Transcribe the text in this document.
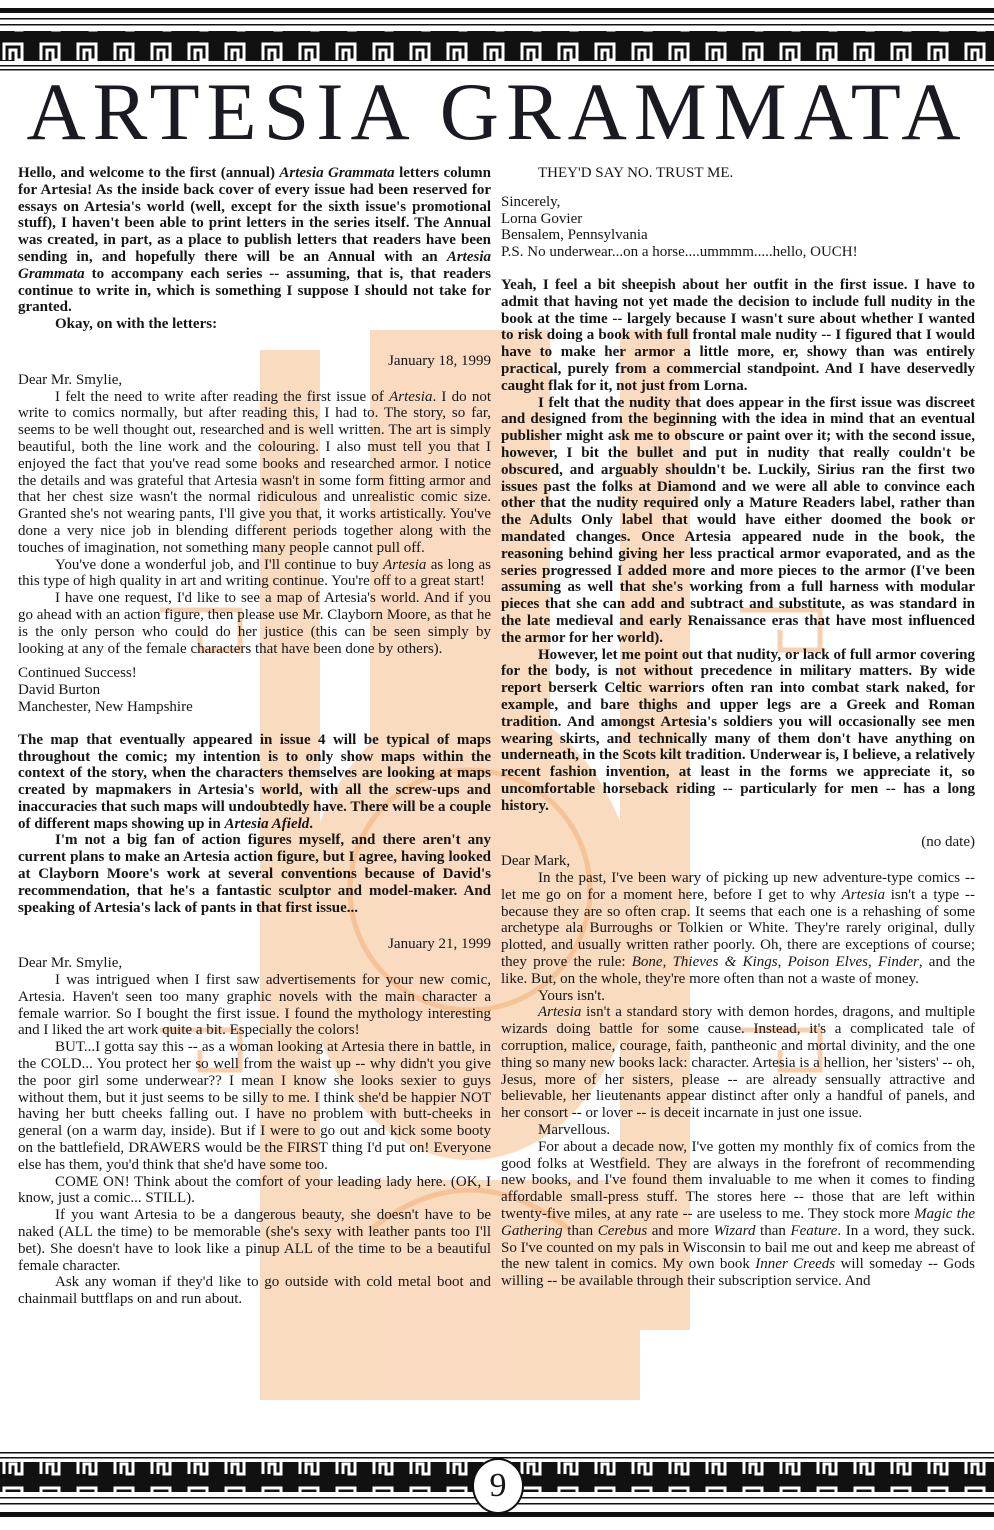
ARTESIA GRAMMATA

Hello, and welcome to the first (annual) Artesia Grammata letters column for Artesia! As the inside back cover of every issue had been reserved for essays on Artesia's world (well, except for the sixth issue's promotional stuff), I haven't been able to print letters in the series itself. The Annual was created, in part, as a place to publish letters that readers have been sending in, and hopefully there will be an Annual with an Artesia Grammata to accompany each series -- assuming, that is, that readers continue to write in, which is something I suppose I should not take for granted.

Okay, on with the letters:

January 18, 1999

Dear Mr. Smylie,

I felt the need to write after reading the first issue of Artesia. I do not write to comics normally, but after reading this, I had to. The story, so far, seems to be well thought out, researched and is well written. The art is simply beautiful, both the line work and the colouring. I also must tell you that I enjoyed the fact that you've read some books and researched armor. I notice the details and was grateful that Artesia wasn't in some form fitting armor and that her chest size wasn't the normal ridiculous and unrealistic comic size. Granted she's not wearing pants, I'll give you that, it works artistically. You've done a very nice job in blending different periods together along with the touches of imagination, not something many people cannot pull off.

You've done a wonderful job, and I'll continue to buy Artesia as long as this type of high quality in art and writing continue. You're off to a great start!

I have one request, I'd like to see a map of Artesia's world. And if you go ahead with an action figure, then please use Mr. Clayborn Moore, as that he is the only person who could do her justice (this can be seen simply by looking at any of the female characters that have been done by others).

Continued Success!

David Burton

Manchester, New Hampshire

The map that eventually appeared in issue 4 will be typical of maps throughout the comic; my intention is to only show maps within the context of the story, when the characters themselves are looking at maps created by mapmakers in Artesia's world, with all the screw-ups and inaccuracies that such maps will undoubtedly have. There will be a couple of different maps showing up in Artesia Afield.

I'm not a big fan of action figures myself, and there aren't any current plans to make an Artesia action figure, but I agree, having looked at Clayborn Moore's work at several conventions because of David's recommendation, that he's a fantastic sculptor and model-maker. And speaking of Artesia's lack of pants in that first issue...

January 21, 1999

Dear Mr. Smylie,

I was intrigued when I first saw advertisements for your new comic, Artesia. Haven't seen too many graphic novels with the main character a female warrior. So I bought the first issue. I found the mythology interesting and I liked the art work quite a bit. Especially the colors!

BUT...I gotta say this -- as a woman looking at Artesia there in battle, in the COLD... You protect her so well from the waist up -- why didn't you give the poor girl some underwear?? I mean I know she looks sexier to guys without them, but it just seems to be silly to me. I think she'd be happier NOT having her butt cheeks falling out. I have no problem with butt-cheeks in general (on a warm day, inside). But if I were to go out and kick some booty on the battlefield, DRAWERS would be the FIRST thing I'd put on! Everyone else has them, you'd think that she'd have some too.

COME ON! Think about the comfort of your leading lady here. (OK, I know, just a comic... STILL).

If you want Artesia to be a dangerous beauty, she doesn't have to be naked (ALL the time) to be memorable (she's sexy with leather pants too I'll bet). She doesn't have to look like a pinup ALL of the time to be a beautiful female character.

Ask any woman if they'd like to go outside with cold metal boot and chainmail buttflaps on and run about.

THEY'D SAY NO. TRUST ME.

Sincerely,

Lorna Govier

Bensalem, Pennsylvania

P.S. No underwear...on a horse....ummmm.....hello, OUCH!

Yeah, I feel a bit sheepish about her outfit in the first issue. I have to admit that having not yet made the decision to include full nudity in the book at the time -- largely because I wasn't sure about whether I wanted to risk doing a book with full frontal male nudity -- I figured that I would have to make her armor a little more, er, showy than was entirely practical, purely from a commercial standpoint. And I have deservedly caught flak for it, not just from Lorna.

I felt that the nudity that does appear in the first issue was discreet and designed from the beginning with the idea in mind that an eventual publisher might ask me to obscure or paint over it; with the second issue, however, I bit the bullet and put in nudity that really couldn't be obscured, and arguably shouldn't be. Luckily, Sirius ran the first two issues past the folks at Diamond and we were all able to convince each other that the nudity required only a Mature Readers label, rather than the Adults Only label that would have either doomed the book or mandated changes. Once Artesia appeared nude in the book, the reasoning behind giving her less practical armor evaporated, and as the series progressed I added more and more pieces to the armor (I've been assuming as well that she's working from a full harness with modular pieces that she can add and subtract and substitute, as was standard in the late medieval and early Renaissance eras that have most influenced the armor for her world).

However, let me point out that nudity, or lack of full armor covering for the body, is not without precedence in military matters. By wide report berserk Celtic warriors often ran into combat stark naked, for example, and bare thighs and upper legs are a Greek and Roman tradition. And amongst Artesia's soldiers you will occasionally see men wearing skirts, and technically many of them don't have anything on underneath, in the Scots kilt tradition. Underwear is, I believe, a relatively recent fashion invention, at least in the forms we appreciate it, so uncomfortable horseback riding -- particularly for men -- has a long history.

(no date)

Dear Mark,

In the past, I've been wary of picking up new adventure-type comics -- let me go on for a moment here, before I get to why Artesia isn't a type -- because they are so often crap. It seems that each one is a rehashing of some archetype ala Burroughs or Tolkien or White. They're rarely original, dully plotted, and usually written rather poorly. Oh, there are exceptions of course; they prove the rule: Bone, Thieves & Kings, Poison Elves, Finder, and the like. But, on the whole, they're more often than not a waste of money.

Yours isn't.

Artesia isn't a standard story with demon hordes, dragons, and multiple wizards doing battle for some cause. Instead, it's a complicated tale of corruption, malice, courage, faith, pantheonic and mortal divinity, and the one thing so many new books lack: character. Artesia is a hellion, her 'sisters' -- oh, Jesus, more of her sisters, please -- are already sensually attractive and believable, her lieutenants appear distinct after only a handful of panels, and her consort -- or lover -- is deceit incarnate in just one issue.

Marvellous.

For about a decade now, I've gotten my monthly fix of comics from the good folks at Westfield. They are always in the forefront of recommending new books, and I've found them invaluable to me when it comes to finding affordable small-press stuff. The stores here -- those that are left within twenty-five miles, at any rate -- are useless to me. They stock more Magic the Gathering than Cerebus and more Wizard than Feature. In a word, they suck. So I've counted on my pals in Wisconsin to bail me out and keep me abreast of the new talent in comics. My own book Inner Creeds will someday -- Gods willing -- be available through their subscription service. And

9
